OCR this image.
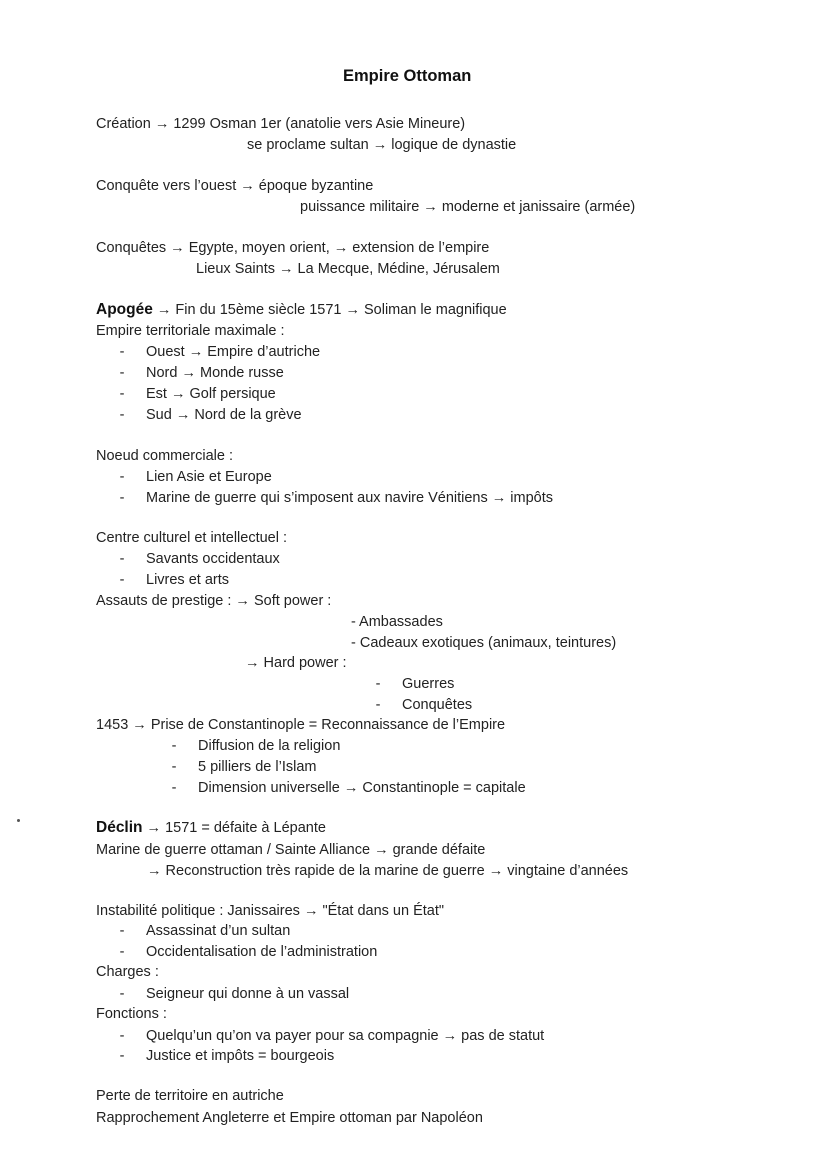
Empire Ottoman
Création → 1299 Osman 1er (anatolie vers Asie Mineure)
se proclame sultan → logique de dynastie
Conquête vers l’ouest → époque byzantine
puissance militaire → moderne et janissaire (armée)
Conquêtes → Egypte, moyen orient, → extension de l’empire
Lieux Saints → La Mecque, Médine, Jérusalem
Apogée → Fin du 15ème siècle 1571 → Soliman le magnifique
Empire territoriale maximale :
- Ouest → Empire d’autriche
- Nord → Monde russe
- Est → Golf persique
- Sud → Nord de la grève
Noeud commerciale :
- Lien Asie et Europe
- Marine de guerre qui s’imposent aux navire Vénitiens → impôts
Centre culturel et intellectuel :
- Savants occidentaux
- Livres et arts
Assauts de prestige : → Soft power :
- Ambassades
- Cadeaux exotiques (animaux, teintures)
→ Hard power :
- Guerres
- Conquêtes
1453 → Prise de Constantinople = Reconnaissance de l’Empire
- Diffusion de la religion
- 5 pilliers de l’Islam
- Dimension universelle → Constantinople = capitale
Déclin → 1571 = défaite à Lépante
Marine de guerre ottaman / Sainte Alliance → grande défaite
→ Reconstruction très rapide de la marine de guerre → vingtaine d’années
Instabilité politique : Janissaires → "État dans un État"
- Assassinat d’un sultan
- Occidentalisation de l’administration
Charges :
- Seigneur qui donne à un vassal
Fonctions :
- Quelqu’un qu’on va payer pour sa compagnie → pas de statut
- Justice et impôts = bourgeois
Perte de territoire en autriche
Rapprochement Angleterre et Empire ottoman par Napoléon
